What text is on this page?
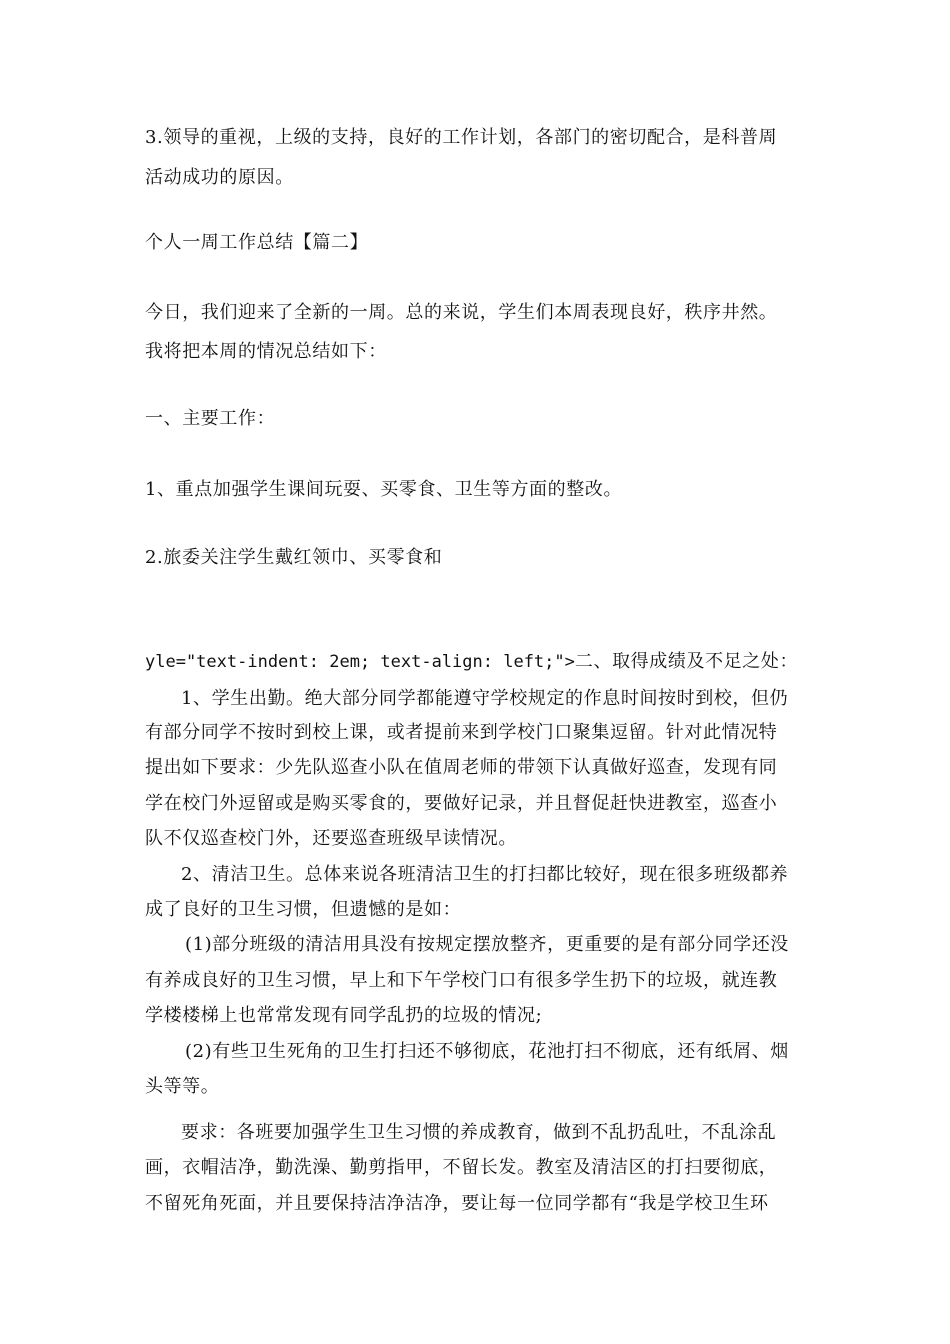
3.领导的重视，上级的支持，良好的工作计划，各部门的密切配合，是科普周
活动成功的原因。
个人一周工作总结【篇二】
今日，我们迎来了全新的一周。总的来说，学生们本周表现良好，秩序井然。
我将把本周的情况总结如下：
一、主要工作：
1、重点加强学生课间玩耍、买零食、卫生等方面的整改。
2.旅委关注学生戴红领巾、买零食和
yle="text-indent: 2em; text-align: left;">二、取得成绩及不足之处：
1、学生出勤。绝大部分同学都能遵守学校规定的作息时间按时到校，但仍
有部分同学不按时到校上课，或者提前来到学校门口聚集逗留。针对此情况特
提出如下要求：少先队巡查小队在值周老师的带领下认真做好巡查，发现有同
学在校门外逗留或是购买零食的，要做好记录，并且督促赶快进教室，巡查小
队不仅巡查校门外，还要巡查班级早读情况。
2、清洁卫生。总体来说各班清洁卫生的打扫都比较好，现在很多班级都养
成了良好的卫生习惯，但遗憾的是如：
(1)部分班级的清洁用具没有按规定摆放整齐，更重要的是有部分同学还没
有养成良好的卫生习惯，早上和下午学校门口有很多学生扔下的垃圾，就连教
学楼楼梯上也常常发现有同学乱扔的垃圾的情况;
(2)有些卫生死角的卫生打扫还不够彻底，花池打扫不彻底，还有纸屑、烟
头等等。
要求：各班要加强学生卫生习惯的养成教育，做到不乱扔乱吐，不乱涂乱
画，衣帽洁净，勤洗澡、勤剪指甲，不留长发。教室及清洁区的打扫要彻底，
不留死角死面，并且要保持洁净洁净，要让每一位同学都有“我是学校卫生环
